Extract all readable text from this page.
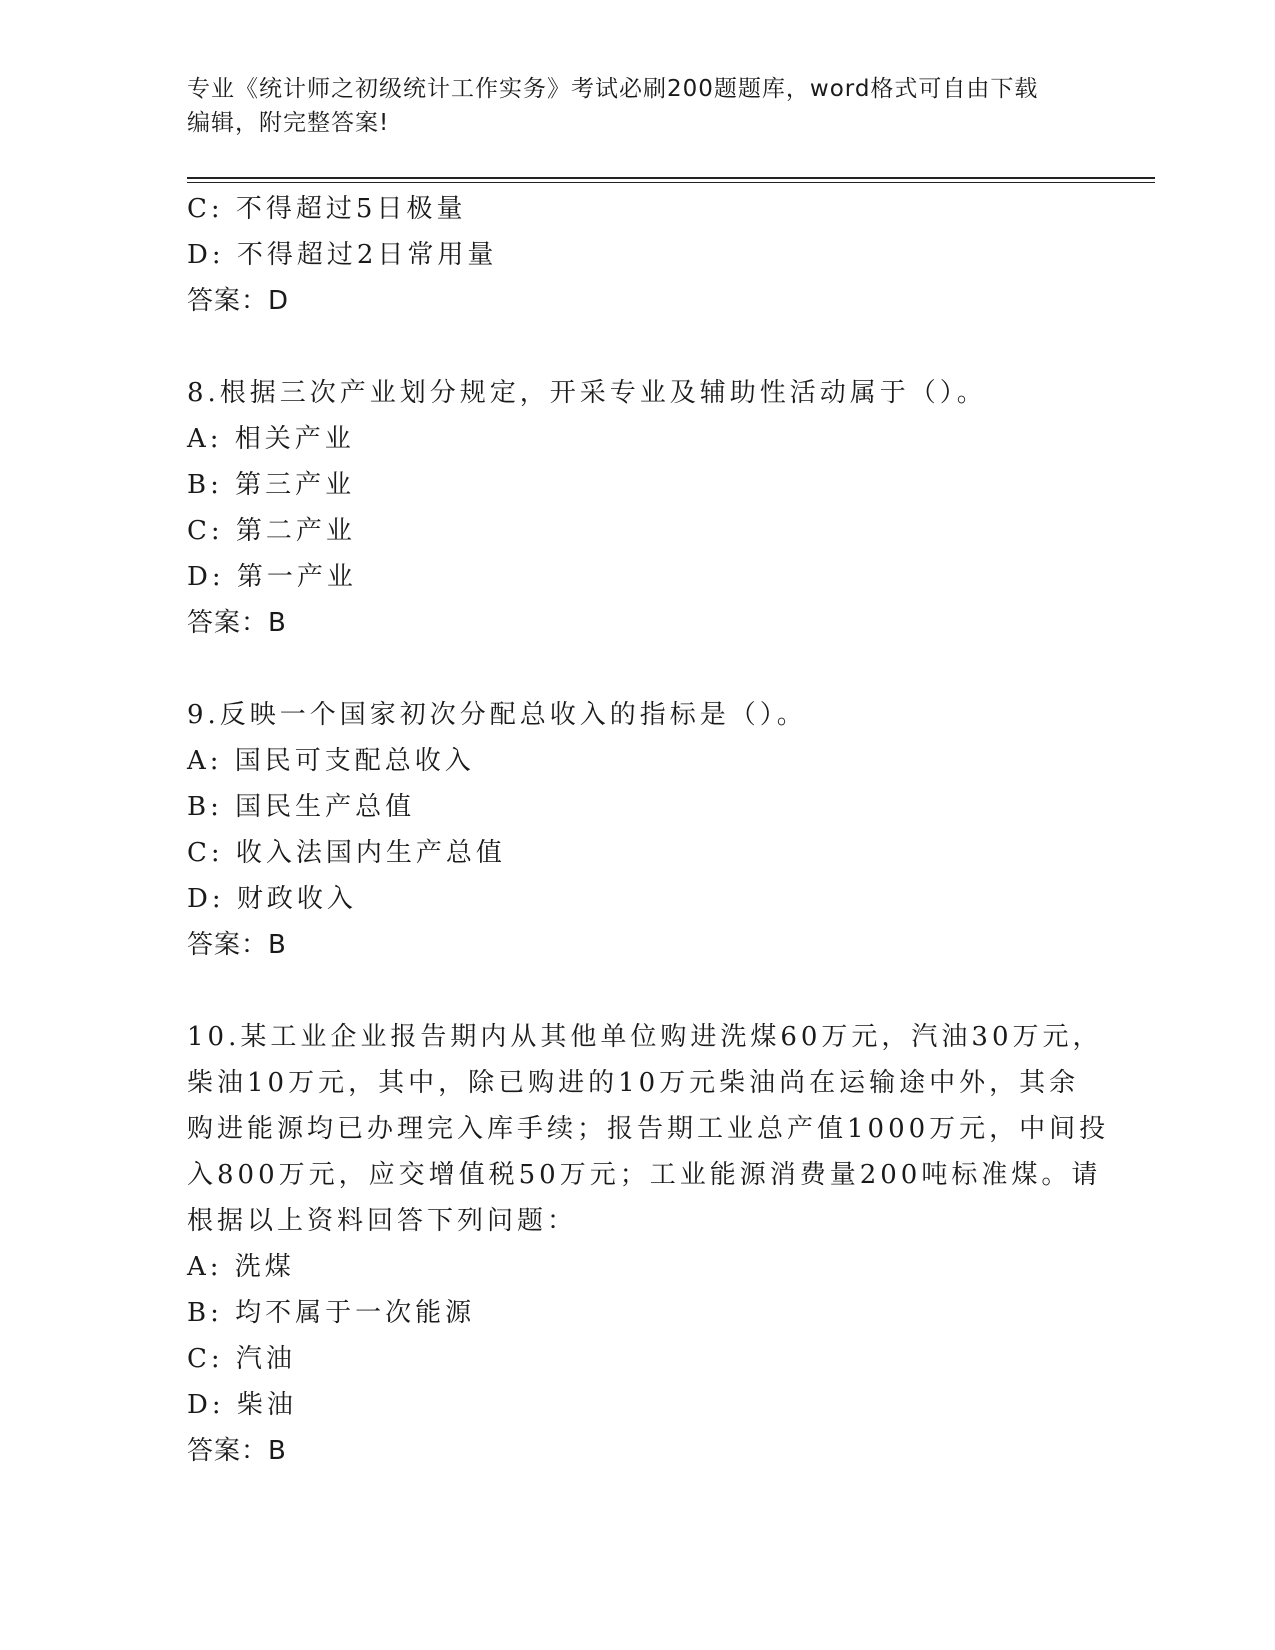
专业《统计师之初级统计工作实务》考试必刷200题题库，word格式可自由下载
编辑，附完整答案!
C: 不得超过5日极量
D: 不得超过2日常用量
答案：D
8.根据三次产业划分规定，开采专业及辅助性活动属于（）。
A: 相关产业
B: 第三产业
C: 第二产业
D: 第一产业
答案：B
9.反映一个国家初次分配总收入的指标是（）。
A: 国民可支配总收入
B: 国民生产总值
C: 收入法国内生产总值
D: 财政收入
答案：B
10.某工业企业报告期内从其他单位购进洗煤60万元，汽油30万元，
柴油10万元，其中，除已购进的10万元柴油尚在运输途中外，其余
购进能源均已办理完入库手续；报告期工业总产值1000万元，中间投
入800万元，应交增值税50万元；工业能源消费量200吨标准煤。请
根据以上资料回答下列问题：
A: 洗煤
B: 均不属于一次能源
C: 汽油
D: 柴油
答案：B
